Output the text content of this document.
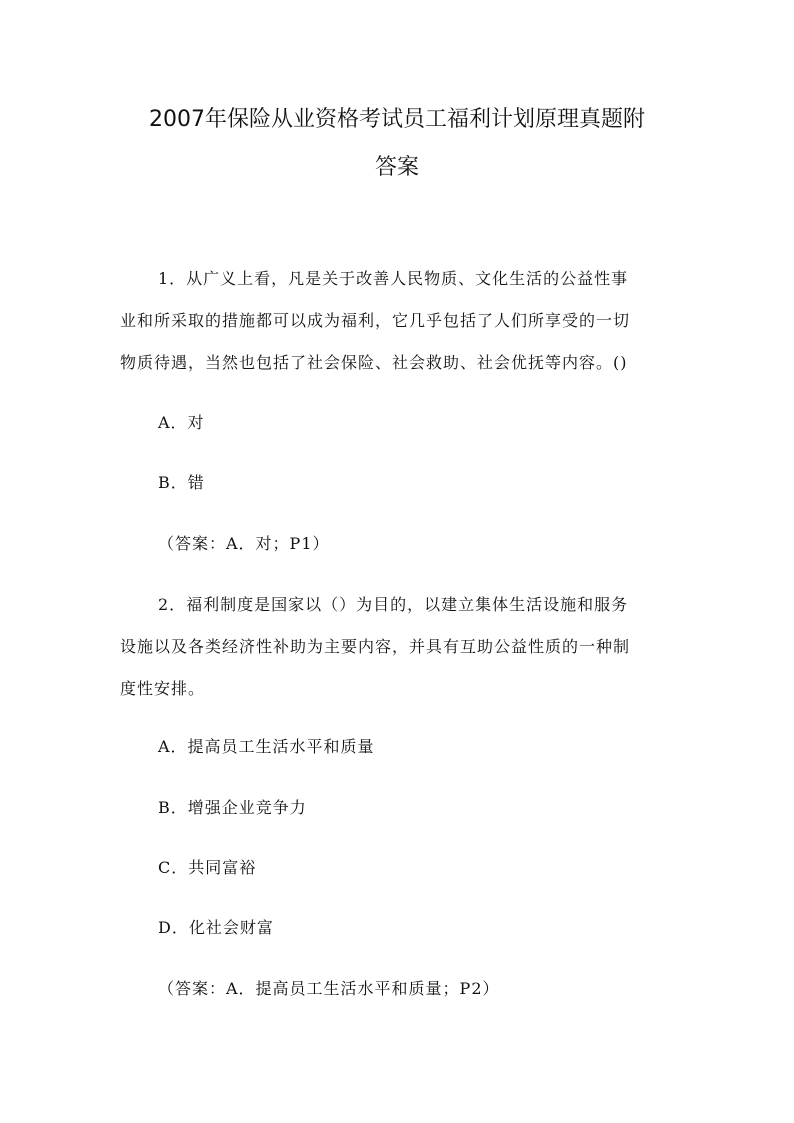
2007年保险从业资格考试员工福利计划原理真题附
答案
1．从广义上看，凡是关于改善人民物质、文化生活的公益性事
业和所采取的措施都可以成为福利，它几乎包括了人们所享受的一切
物质待遇，当然也包括了社会保险、社会救助、社会优抚等内容。()
A．对
B．错
（答案：A．对；P1）
2．福利制度是国家以（）为目的，以建立集体生活设施和服务
设施以及各类经济性补助为主要内容，并具有互助公益性质的一种制
度性安排。
A．提高员工生活水平和质量
B．增强企业竞争力
C．共同富裕
D．化社会财富
（答案：A．提高员工生活水平和质量；P2）
